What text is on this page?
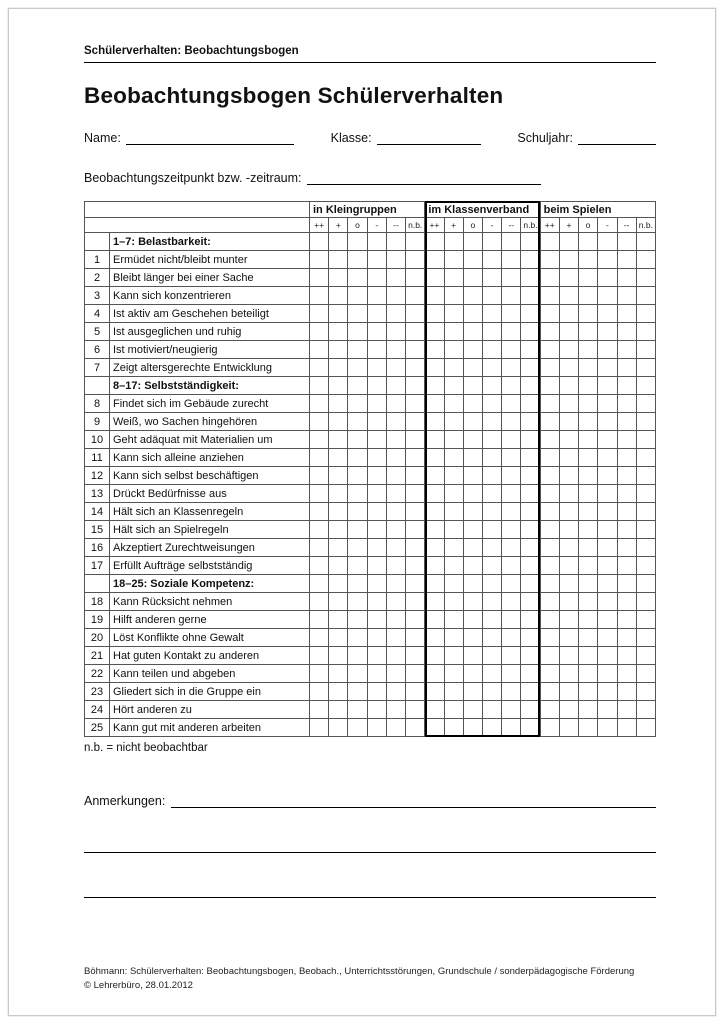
Schülerverhalten: Beobachtungsbogen
Beobachtungsbogen Schülerverhalten
Name:	Klasse:	Schuljahr:
Beobachtungszeitpunkt bzw. -zeitraum:
		in Kleingruppen						im Klassenverband						beim Spielen					
		++	+	o	-	--	n.b.	++	+	o	-	--	n.b.	++	+	o	-	--	n.b.
	1–7: Belastbarkeit:																		
1	Ermüdet nicht/bleibt munter																		
2	Bleibt länger bei einer Sache																		
3	Kann sich konzentrieren																		
4	Ist aktiv am Geschehen beteiligt																		
5	Ist ausgeglichen und ruhig																		
6	Ist motiviert/neugierig																		
7	Zeigt altersgerechte Entwicklung																		
	8–17: Selbstständigkeit:																		
8	Findet sich im Gebäude zurecht																		
9	Weiß, wo Sachen hingehören																		
10	Geht adäquat mit Materialien um																		
11	Kann sich alleine anziehen																		
12	Kann sich selbst beschäftigen																		
13	Drückt Bedürfnisse aus																		
14	Hält sich an Klassenregeln																		
15	Hält sich an Spielregeln																		
16	Akzeptiert Zurechtweisungen																		
17	Erfüllt Aufträge selbstständig																		
	18–25: Soziale Kompetenz:																		
18	Kann Rücksicht nehmen																		
19	Hilft anderen gerne																		
20	Löst Konflikte ohne Gewalt																		
21	Hat guten Kontakt zu anderen																		
22	Kann teilen und abgeben																		
23	Gliedert sich in die Gruppe ein																		
24	Hört anderen zu																		
25	Kann gut mit anderen arbeiten																		
n.b. = nicht beobachtbar
Anmerkungen:
Böhmann: Schülerverhalten: Beobachtungsbogen, Beobach., Unterrichtsstörungen, Grundschule / sonderpädagogische Förderung
© Lehrerbüro, 28.01.2012
